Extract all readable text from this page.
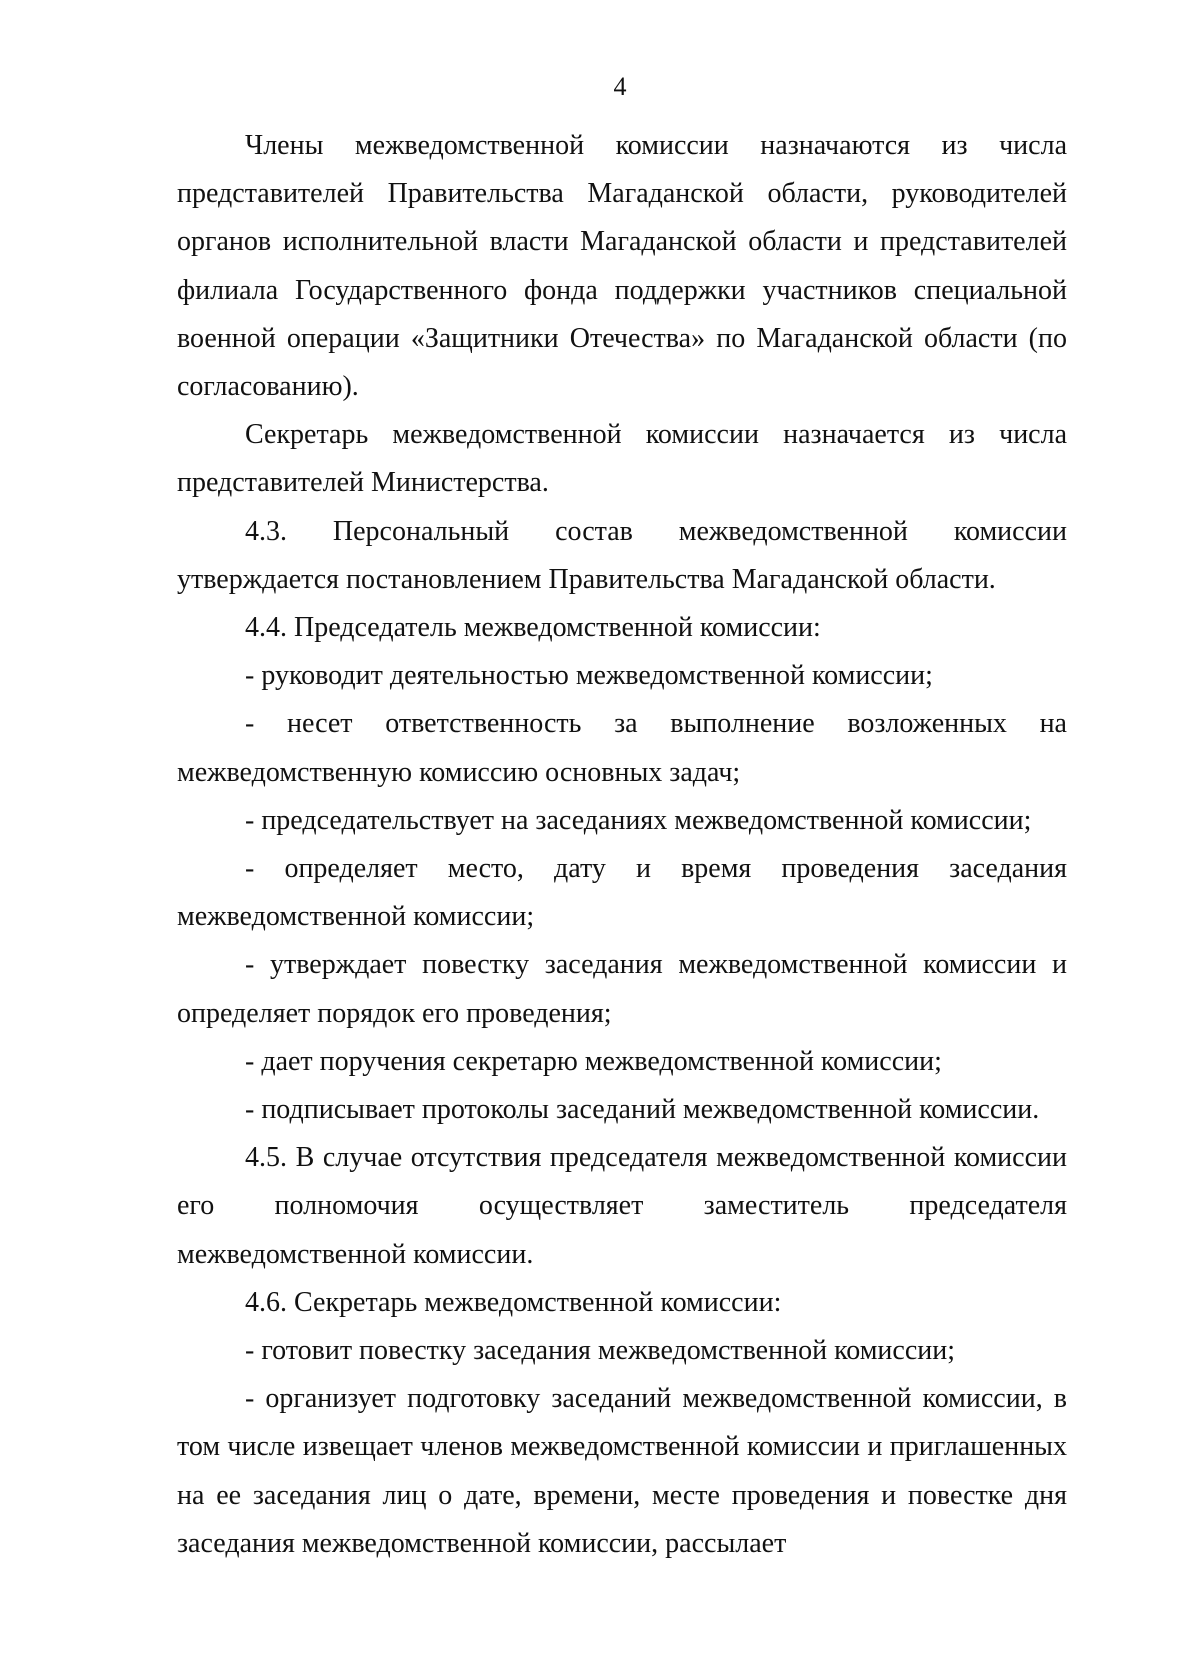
4

Члены межведомственной комиссии назначаются из числа представителей Правительства Магаданской области, руководителей органов исполнительной власти Магаданской области и представителей филиала Государственного фонда поддержки участников специальной военной операции «Защитники Отечества» по Магаданской области (по согласованию).

Секретарь межведомственной комиссии назначается из числа представителей Министерства.

4.3. Персональный состав межведомственной комиссии утверждается постановлением Правительства Магаданской области.

4.4. Председатель межведомственной комиссии:

- руководит деятельностью межведомственной комиссии;

- несет ответственность за выполнение возложенных на межведомственную комиссию основных задач;

- председательствует на заседаниях межведомственной комиссии;

- определяет место, дату и время проведения заседания межведомственной комиссии;

- утверждает повестку заседания межведомственной комиссии и определяет порядок его проведения;

- дает поручения секретарю межведомственной комиссии;

- подписывает протоколы заседаний межведомственной комиссии.

4.5. В случае отсутствия председателя межведомственной комиссии его полномочия осуществляет заместитель председателя межведомственной комиссии.

4.6. Секретарь межведомственной комиссии:

- готовит повестку заседания межведомственной комиссии;

- организует подготовку заседаний межведомственной комиссии, в том числе извещает членов межведомственной комиссии и приглашенных на ее заседания лиц о дате, времени, месте проведения и повестке дня заседания межведомственной комиссии, рассылает
